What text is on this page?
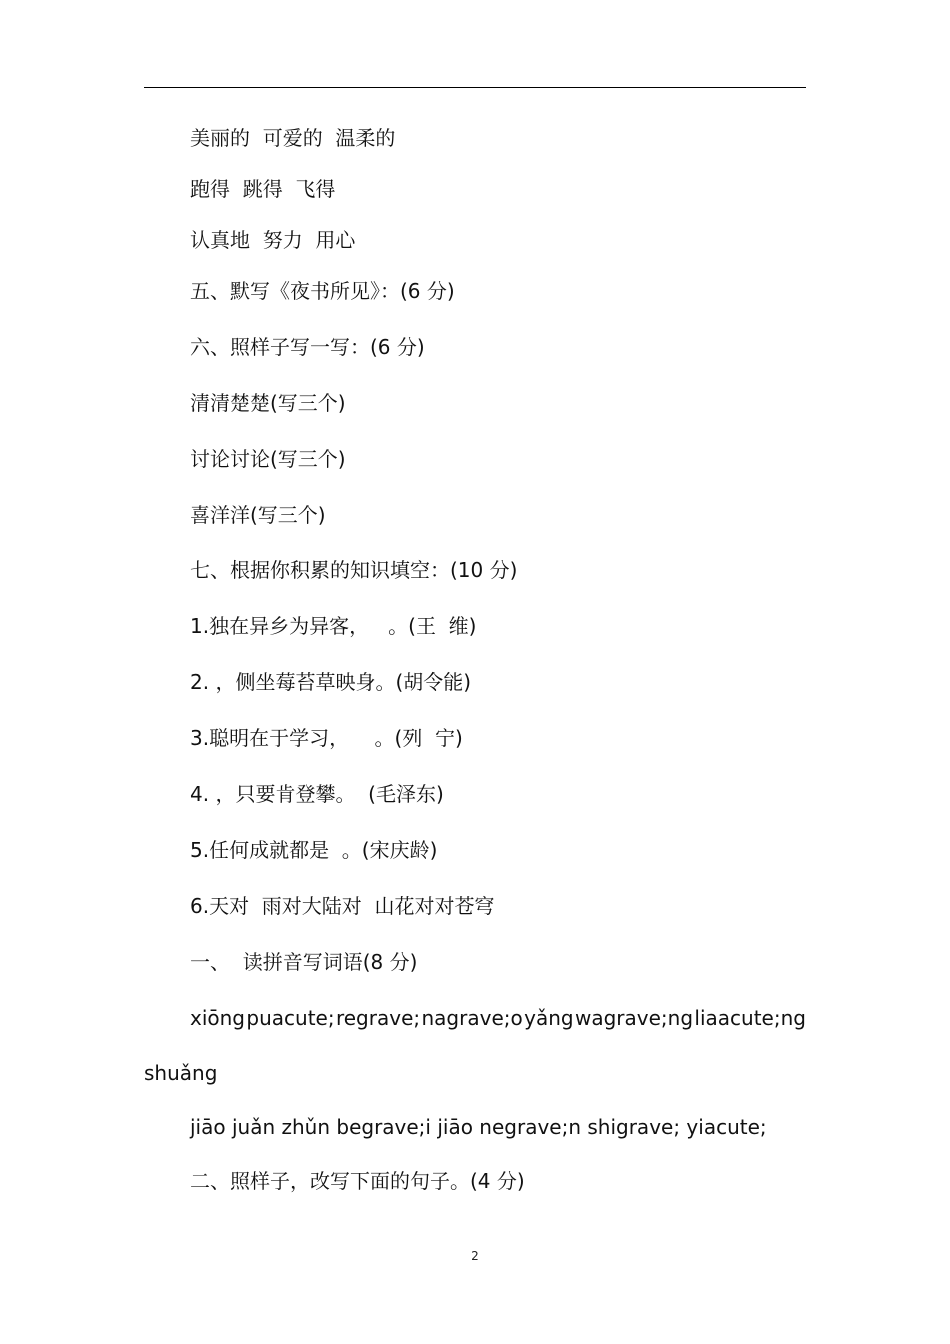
美丽的  可爱的  温柔的
跑得  跳得  飞得
认真地  努力  用心
五、默写《夜书所见》：(6 分)
六、照样子写一写：(6 分)
清清楚楚(写三个)
讨论讨论(写三个)
喜洋洋(写三个)
七、根据你积累的知识填空：(10 分)
1.独在异乡为异客，   。(王  维)
2. ，侧坐莓苔草映身。(胡令能)
3.聪明在于学习，    。(列  宁)
4. ，只要肯登攀。  (毛泽东)
5.任何成就都是  。(宋庆龄)
6.天对  雨对大陆对  山花对对苍穹
一、  读拼音写词语(8 分)
xiōng puacute; regrave; nagrave;o yǎng wagrave;ng liaacute;ng
shuǎng
jiāo juǎn zhǔn begrave;i jiāo negrave;n shigrave; yiacute;
二、照样子，改写下面的句子。(4 分)
2
